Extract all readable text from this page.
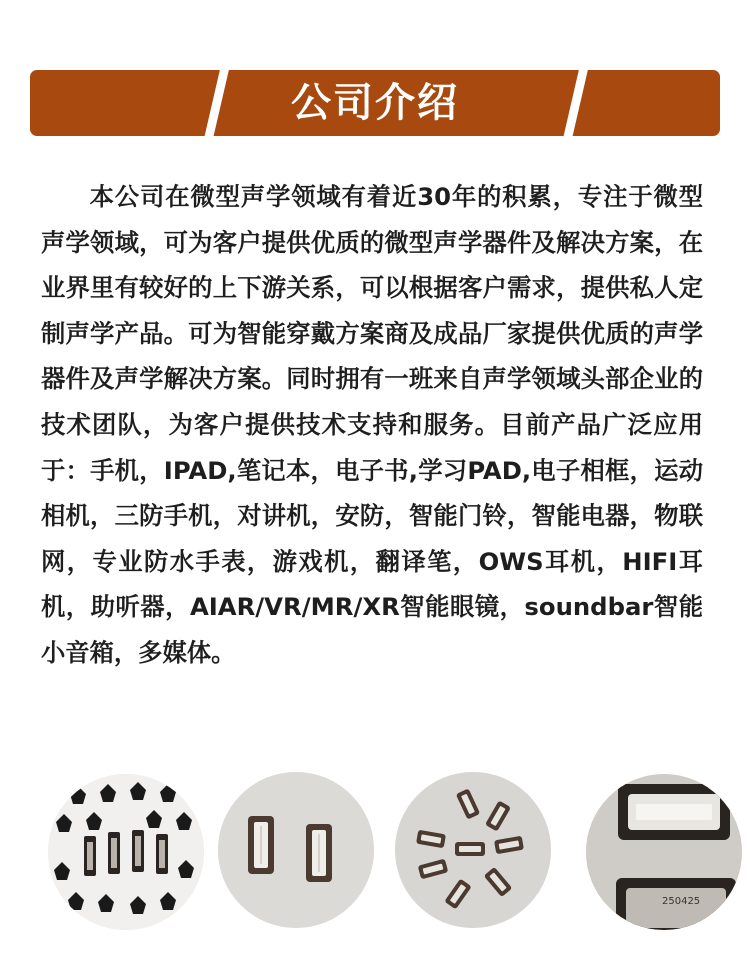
公司介绍

本公司在微型声学领域有着近30年的积累，专注于微型声学领域，可为客户提供优质的微型声学器件及解决方案，在业界里有较好的上下游关系，可以根据客户需求，提供私人定制声学产品。可为智能穿戴方案商及成品厂家提供优质的声学器件及声学解决方案。同时拥有一班来自声学领域头部企业的技术团队，为客户提供技术支持和服务。目前产品广泛应用于：手机，IPAD,笔记本，电子书,学习PAD,电子相框，运动相机，三防手机，对讲机，安防，智能门铃，智能电器，物联网，专业防水手表，游戏机，翻译笔，OWS耳机，HIFI耳机，助听器，AIAR/VR/MR/XR智能眼镜，soundbar智能小音箱，多媒体。

250425
